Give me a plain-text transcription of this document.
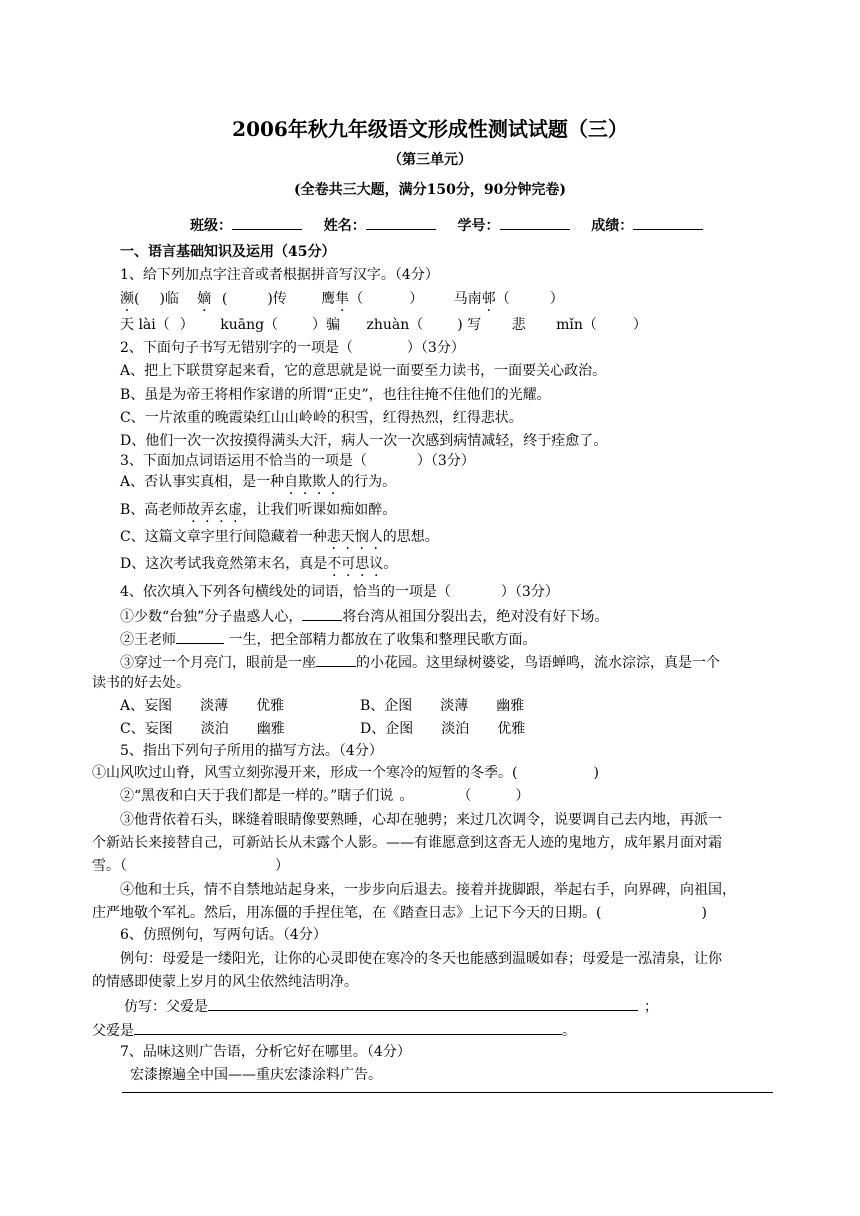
2006年秋九年级语文形成性测试试题（三）
（第三单元）
(全卷共三大题，满分150分，90分钟完卷)
班级：	姓名：	学号：	成绩：
一、语言基础知识及运用（45分）
1、给下列加点字注音或者根据拼音写汉字。（4分）
濒( )临 嫡 (	)传 鹰隼（	） 马南邨（	）
天 lài（ ） kuāng（ ）骗 zhuàn（ ) 写 悲 mǐn（	）
2、下面句子书写无错别字的一项是（	）（3分）
A、把上下联贯穿起来看，它的意思就是说一面要至力读书，一面要关心政治。
B、虽是为帝王将相作家谱的所谓“正史”，也往往掩不住他们的光耀。
C、一片浓重的晚霞染红山山岭岭的积雪，红得热烈，红得悲状。
D、他们一次一次按摸得满头大汗，病人一次一次感到病情减轻，终于痊愈了。
3、下面加点词语运用不恰当的一项是（	）（3分）
A、否认事实真相，是一种自欺欺人的行为。
B、高老师故弄玄虚，让我们听课如痴如醉。
C、这篇文章字里行间隐藏着一种悲天悯人的思想。
D、这次考试我竟然第末名，真是不可思议。
4、依次填入下列各句横线处的词语，恰当的一项是（	）（3分）
①少数“台独”分子蛊惑人心，	将台湾从祖国分裂出去，绝对没有好下场。
②王老师	一生，把全部精力都放在了收集和整理民歌方面。
③穿过一个月亮门，眼前是一座	的小花园。这里绿树婆娑，鸟语蝉鸣，流水淙淙，真是一个
读书的好去处。
A、妄图　　淡薄　　优雅	B、企图　　淡薄　　幽雅
C、妄图　　淡泊　　幽雅	D、企图　　淡泊　　优雅
5、指出下列句子所用的描写方法。（4分）
①山风吹过山脊，风雪立刻弥漫开来，形成一个寒冷的短暂的冬季。(	)
②“黑夜和白天于我们都是一样的。”瞎子们说 。	（	）
③他背依着石头，眯缝着眼睛像要熟睡，心却在驰骋；来过几次调令，说要调自己去内地，再派一
个新站长来接替自己，可新站长从未露个人影。——有谁愿意到这沓无人迹的鬼地方，成年累月面对霜
雪。（	）
④他和士兵，情不自禁地站起身来，一步步向后退去。接着并拢脚跟，举起右手，向界碑，向祖国，
庄严地敬个军礼。然后，用冻僵的手捏住笔，在《踏查日志》上记下今天的日期。(	)
6、仿照例句，写两句话。（4分）
例句：母爱是一缕阳光，让你的心灵即使在寒冷的冬天也能感到温暖如春；母爱是一泓清泉，让你
的情感即使蒙上岁月的风尘依然纯洁明净。
仿写：父爱是	；
父爱是	。
7、品味这则广告语，分析它好在哪里。（4分）
宏漆擦遍全中国——重庆宏漆涂料广告。
